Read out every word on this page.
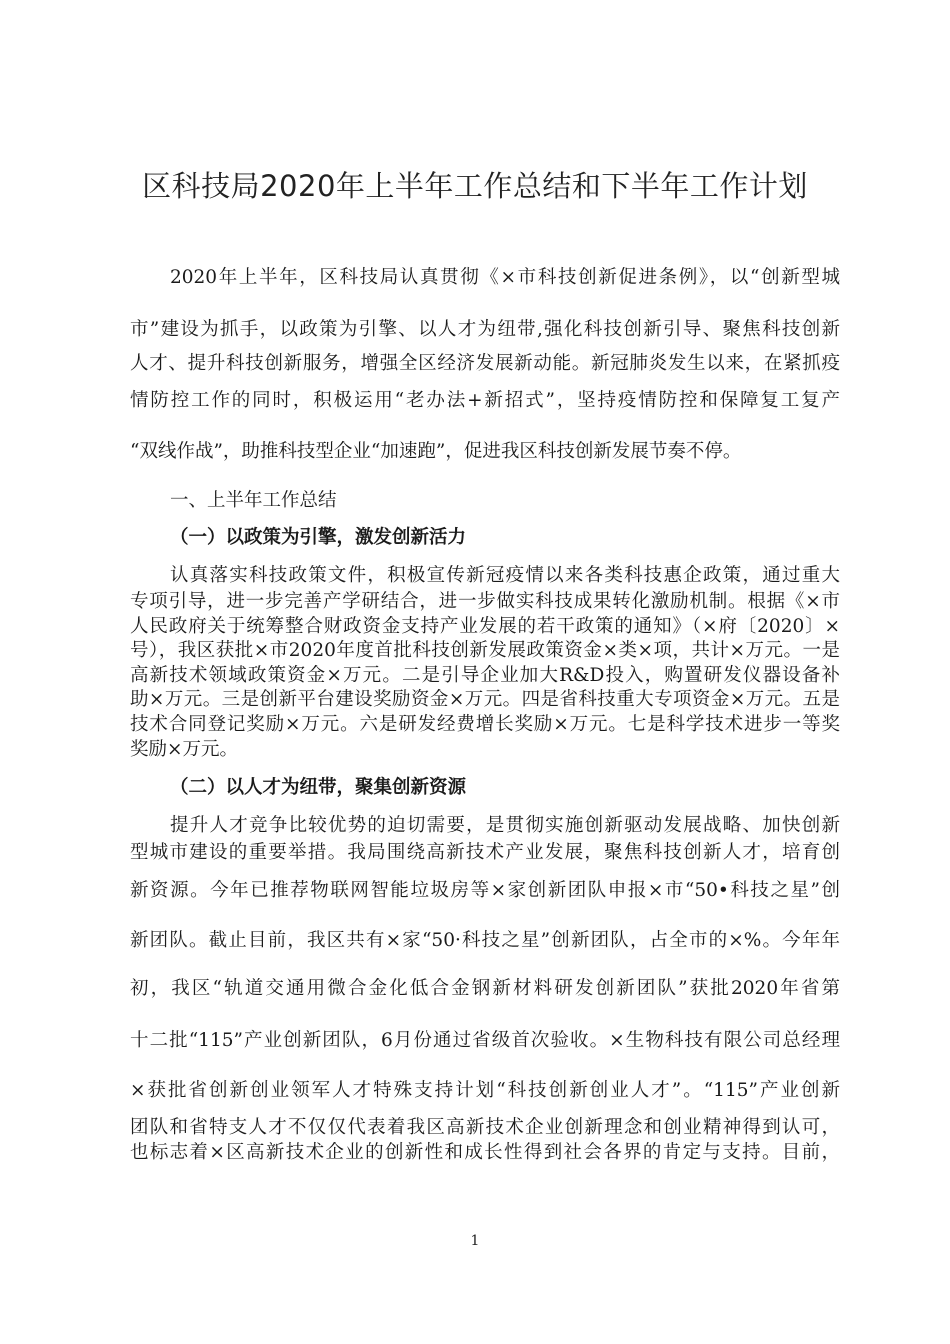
区科技局2020年上半年工作总结和下半年工作计划
2020年上半年，区科技局认真贯彻《×市科技创新促进条例》，以“创新型城
市”建设为抓手，以政策为引擎、以人才为纽带,强化科技创新引导、聚焦科技创新
人才、提升科技创新服务，增强全区经济发展新动能。新冠肺炎发生以来，在紧抓疫
情防控工作的同时，积极运用“老办法+新招式”，坚持疫情防控和保障复工复产
“双线作战”，助推科技型企业“加速跑”，促进我区科技创新发展节奏不停。
一、上半年工作总结
（一）以政策为引擎，激发创新活力
认真落实科技政策文件，积极宣传新冠疫情以来各类科技惠企政策，通过重大
专项引导，进一步完善产学研结合，进一步做实科技成果转化激励机制。根据《×市
人民政府关于统筹整合财政资金支持产业发展的若干政策的通知》（×府〔2020〕×
号），我区获批×市2020年度首批科技创新发展政策资金×类×项，共计×万元。一是
高新技术领域政策资金×万元。二是引导企业加大R&D投入，购置研发仪器设备补
助×万元。三是创新平台建设奖励资金×万元。四是省科技重大专项资金×万元。五是
技术合同登记奖励×万元。六是研发经费增长奖励×万元。七是科学技术进步一等奖
奖励×万元。
（二）以人才为纽带，聚集创新资源
提升人才竞争比较优势的迫切需要，是贯彻实施创新驱动发展战略、加快创新
型城市建设的重要举措。我局围绕高新技术产业发展，聚焦科技创新人才，培育创
新资源。今年已推荐物联网智能垃圾房等×家创新团队申报×市“50•科技之星”创
新团队。截止目前，我区共有×家“50·科技之星”创新团队，占全市的×%。今年年
初，我区“轨道交通用微合金化低合金钢新材料研发创新团队”获批2020年省第
十二批“115”产业创新团队，6月份通过省级首次验收。×生物科技有限公司总经理
×获批省创新创业领军人才特殊支持计划“科技创新创业人才”。“115”产业创新
团队和省特支人才不仅仅代表着我区高新技术企业创新理念和创业精神得到认可，
也标志着×区高新技术企业的创新性和成长性得到社会各界的肯定与支持。目前，
1
